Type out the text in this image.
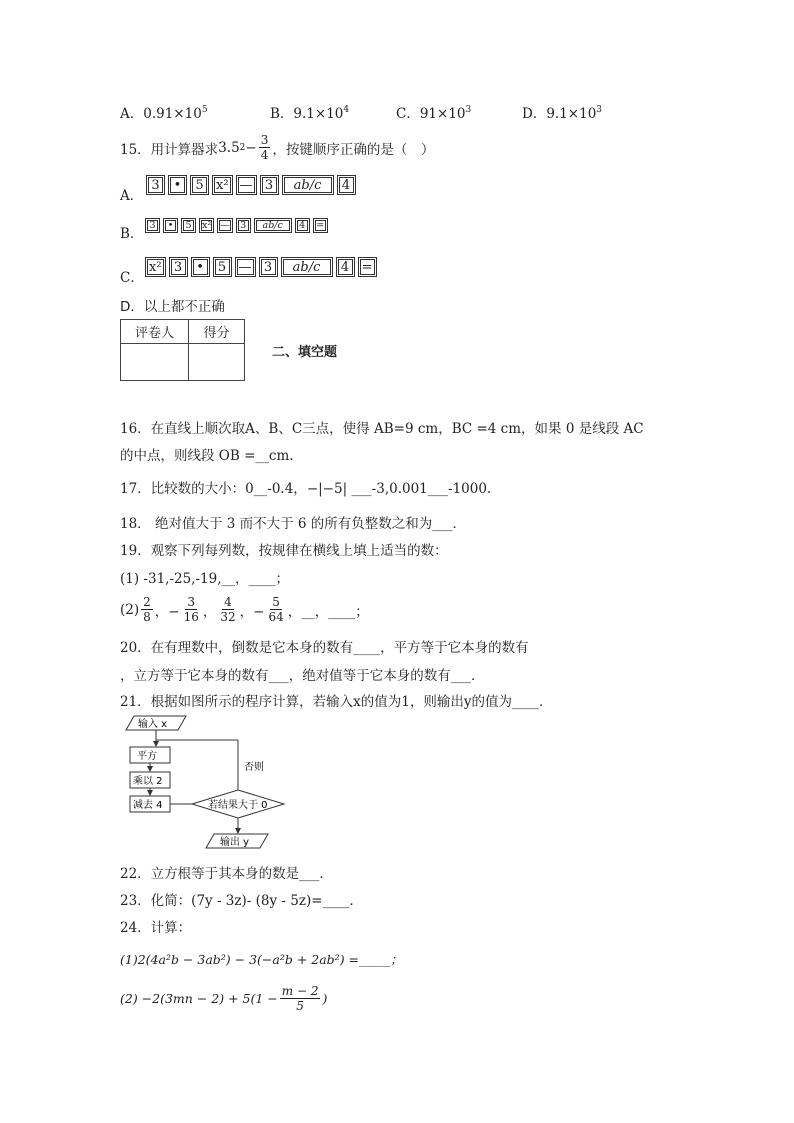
A．$0.91\times 10^5$	B．$9.1\times 10^4$	C．$91\times 10^3$	D．$9.1\times 10^3$
15．用计算器求 3.5 $2 - \frac{3}{4}$ ，按键顺序正确的是（　）
A．
3	•	5 x² — 3	ab/c	4
B．
3	•	5	x² —	3	ab/c	4	=
C．
x² 3	•	5 — 3	ab/c	4 =
D．以上都不正确
评卷人	得分

二、填空题
16．在直线上顺次取A、B、C三点，使得 AB=9 cm，BC =4 cm，如果 0 是线段 AC
的中点，则线段 OB =__cm.
17．比较数的大小：0__-0.4，−|−5| ___-3,0.001___-1000.
18． 绝对值大于 3 而不大于 6 的所有负整数之和为___．
19．观察下列每列数，按规律在横线上填上适当的数：
(1) -31,-25,-19,__，____；
$(2) \frac{2}{8}$ ，− $\frac{3}{16}$ ， $\frac{4}{32}$ ，− $\frac{5}{64}$ ，__，____；
20．在有理数中，倒数是它本身的数有____，平方等于它本身的数有
，立方等于它本身的数有___，绝对值等于它本身的数有___．
21．根据如图所示的程序计算，若输入x的值为1，则输出y的值为____．
输入 x
平方
乘以 2
减去 4	若结果大于 0
否则
输出 y
22．立方根等于其本身的数是___．
23．化简：(7y - 3z)- (8y - 5z)=____．
24．计算：
(1)2(4a²b − 3ab²) − 3(−a²b + 2ab²) =_____；
$(2) -2(3mn - 2) + 5(1 - \frac{m - 2}{5}$ )
